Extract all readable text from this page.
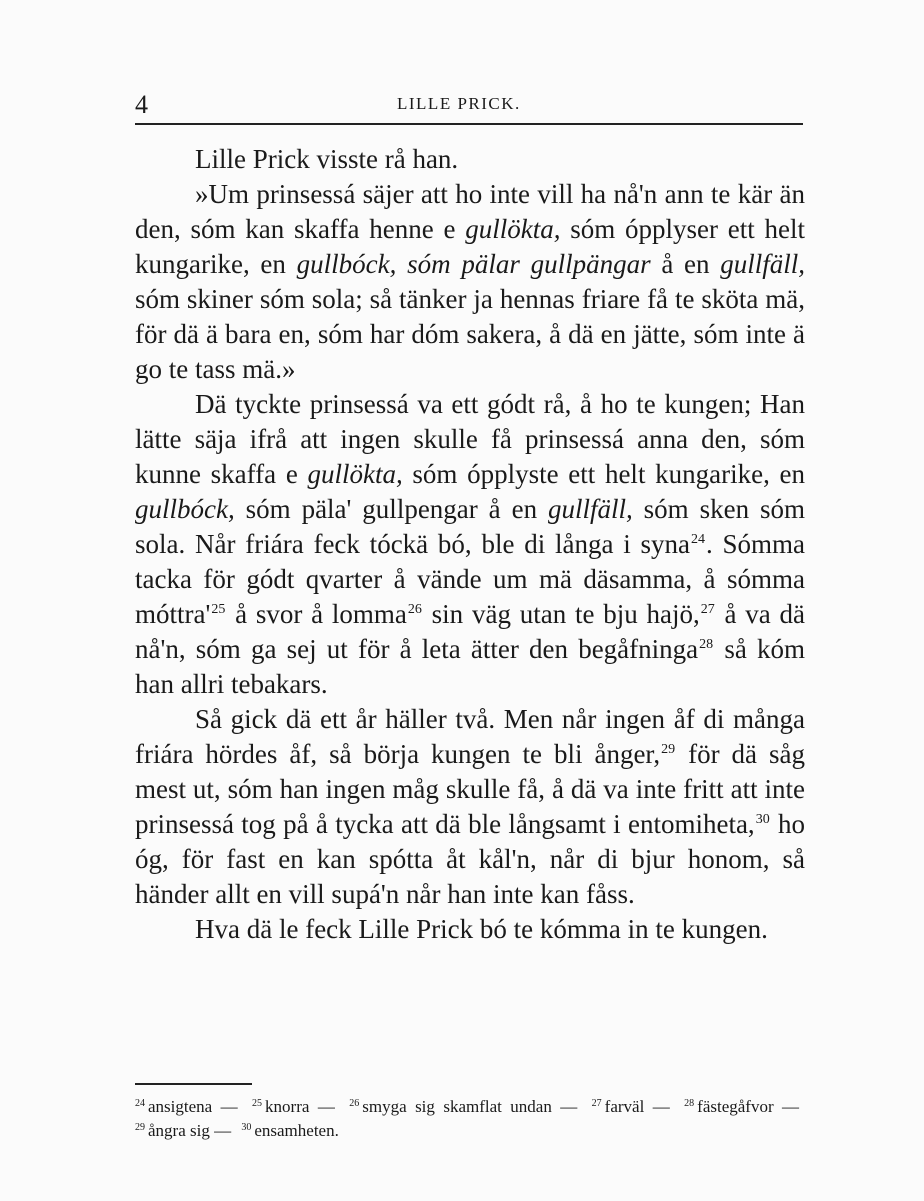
4	LILLE PRICK.

Lille Prick visste rå han.

»Um prinsessá säjer att ho inte vill ha nå'n ann te kär än den, sóm kan skaffa henne e gullökta, sóm ópplyser ett helt kungarike, en gullbóck, sóm pälar gullpängar å en gullfäll, sóm skiner sóm sola; så tänker ja hennas friare få te sköta mä, för dä ä bara en, sóm har dóm sakera, å dä en jätte, sóm inte ä go te tass mä.»

Dä tyckte prinsessá va ett gódt rå, å ho te kungen; Han lätte säja ifrå att ingen skulle få prinsessá anna den, sóm kunne skaffa e gullökta, sóm ópplyste ett helt kungarike, en gullbóck, sóm päla' gullpengar å en gullfäll, sóm sken sóm sola. Når friára feck tóckä bó, ble di långa i syna$^{24}$. Sómma tacka för gódt qvarter å vände um mä däsamma, å sómma $móttra'^{25}$ å svor å lomma$^{26}$ sin väg utan te bju hajö,$^{27}$ å va dä nå'n, sóm ga sej ut för å leta ätter den begåfninga$^{28}$ så kóm han allri tebakars.

Så gick dä ett år häller två. Men når ingen åf di många friára hördes åf, så börja kungen te bli ånger,$^{29}$ för dä såg mest ut, sóm han ingen måg skulle få, å dä va inte fritt att inte prinsessá tog på å tycka att dä ble långsamt i entomiheta,$^{30}$ ho óg, för fast en kan spótta åt kål'n, når di bjur honom, så händer allt en vill supá'n når han inte kan fåss.

Hva dä le feck Lille Prick bó te kómma in te kungen.

$^{24}$ ansigtena — $^{25}$ knorra — $^{26}$ smyga sig skamflat undan — $^{27}$ farväl — $^{28}$ fästegåfvor — $^{29}$ ångra sig — $^{30}$ ensamheten.
